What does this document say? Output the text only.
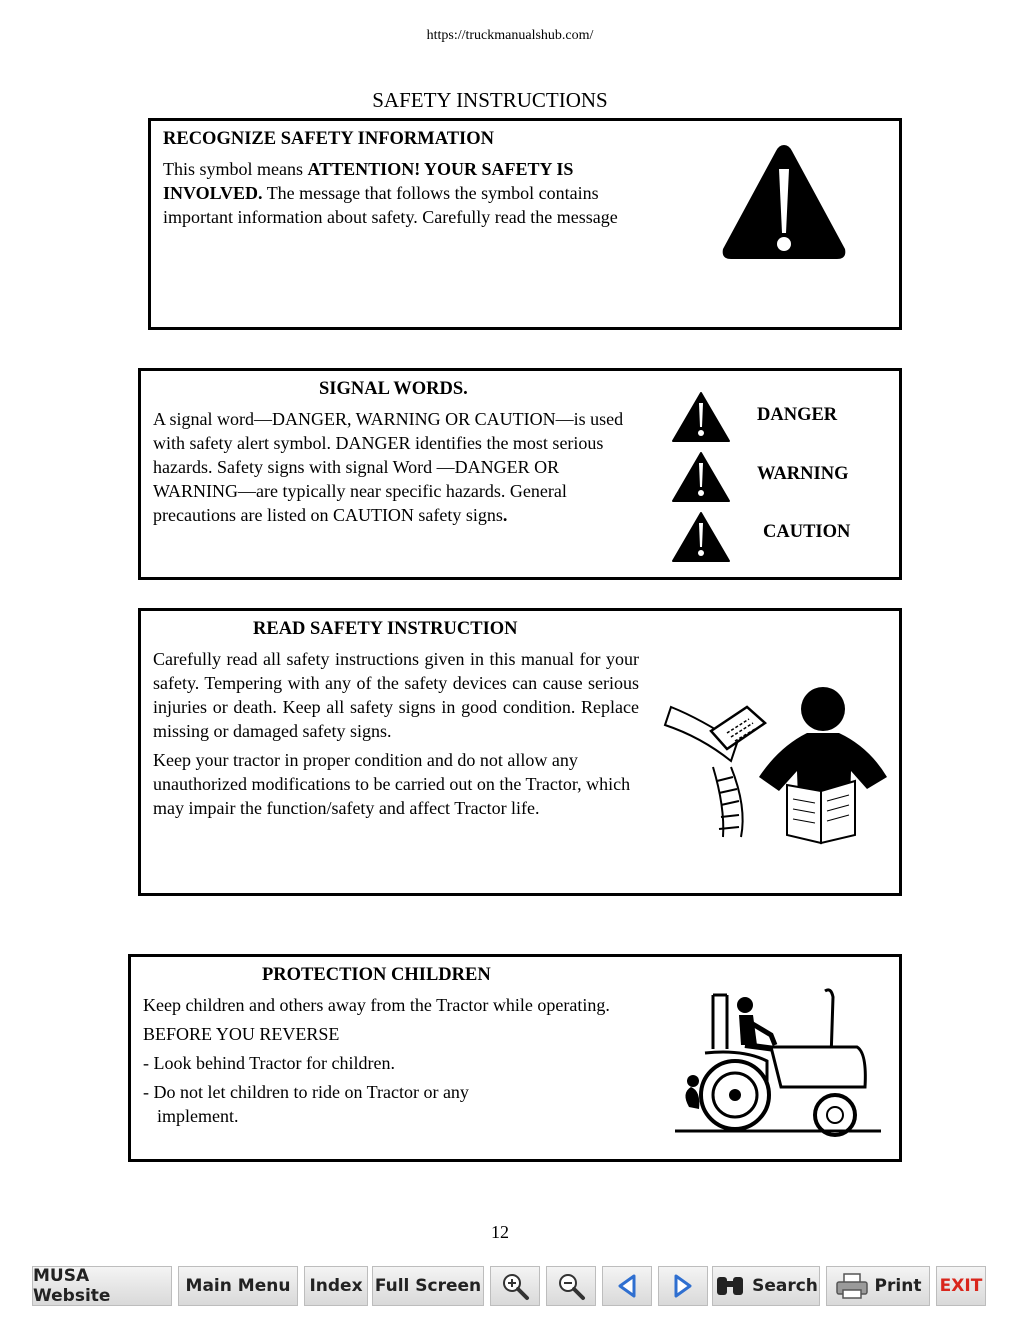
https://truckmanualshub.com/
SAFETY INSTRUCTIONS
RECOGNIZE SAFETY INFORMATION
This symbol means ATTENTION! YOUR SAFETY IS INVOLVED. The message that follows the symbol contains important information about safety. Carefully read the message
SIGNAL WORDS.
A signal word—DANGER, WARNING OR CAUTION—is used with safety alert symbol. DANGER identifies the most serious hazards. Safety signs with signal Word —DANGER OR WARNING—are typically near specific hazards. General precautions are listed on CAUTION safety signs.
DANGER
WARNING
CAUTION
READ SAFETY INSTRUCTION

Carefully read all safety instructions given in this manual for your safety. Tempering with any of the safety devices can cause serious injuries or death. Keep all safety signs in good condition. Replace missing or damaged safety signs.

Keep your tractor in proper condition and do not allow any unauthorized modifications to be carried out on the Tractor, which may impair the function/safety and affect Tractor life.

PROTECTION CHILDREN

Keep children and others away from the Tractor while operating.

BEFORE YOU REVERSE

- Look behind Tractor for children.

- Do not let children to ride on Tractor or any

implement.

12
MUSA Website	Main Menu Index Full Screen	Search	Print EXIT
